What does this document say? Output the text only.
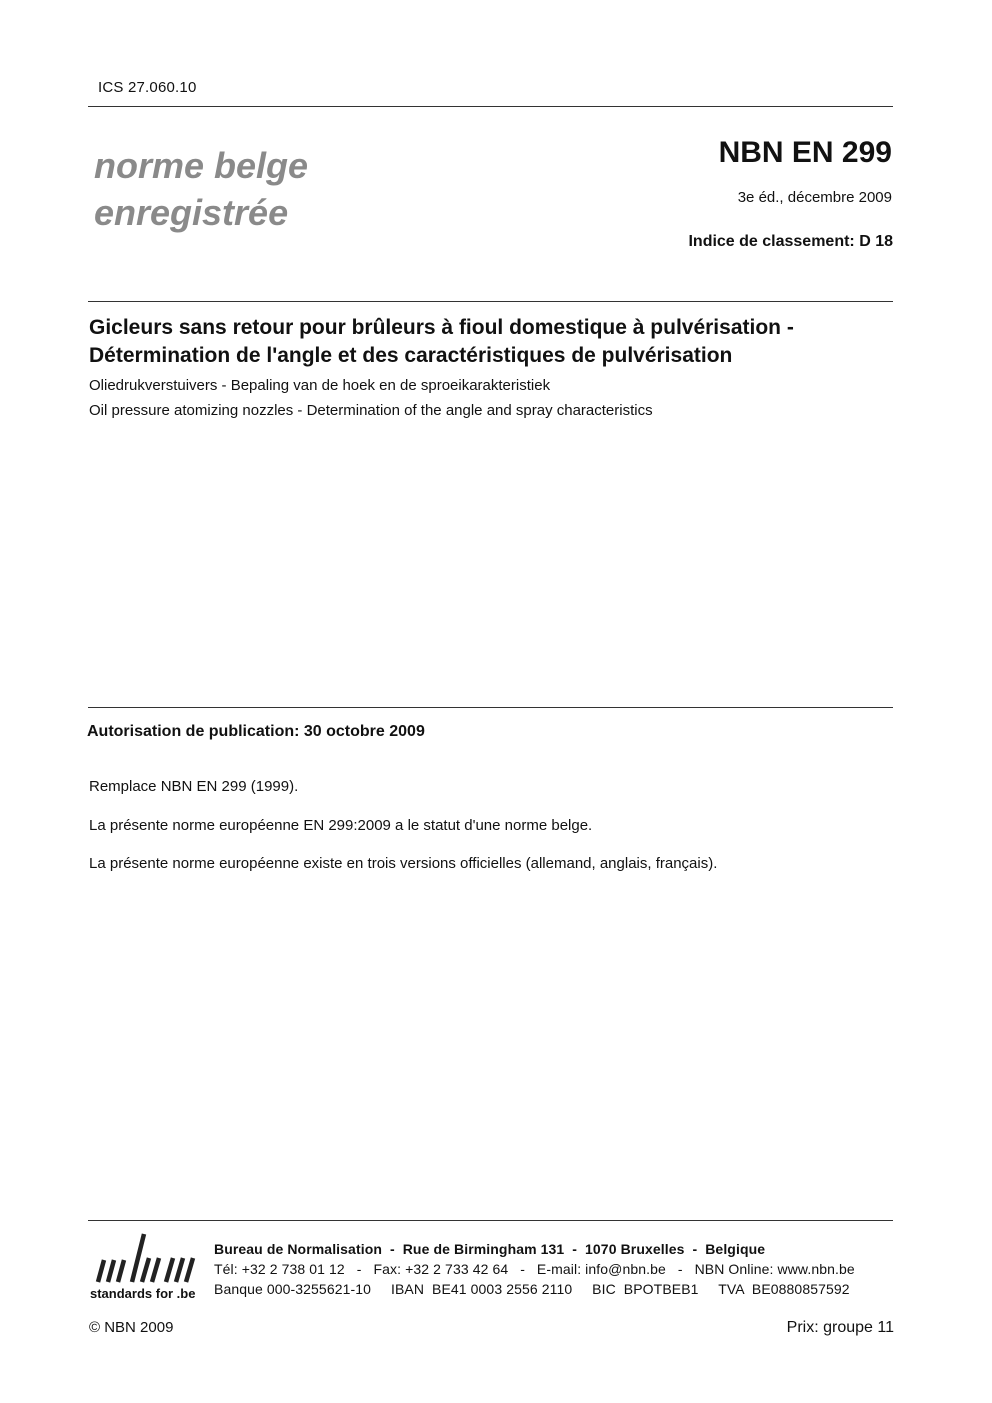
ICS 27.060.10
norme belge
enregistrée
NBN EN 299
3e éd., décembre 2009
Indice de classement: D 18
Gicleurs sans retour pour brûleurs à fioul domestique à pulvérisation -
Détermination de l'angle et des caractéristiques de pulvérisation
Oliedrukverstuivers - Bepaling van de hoek en de sproeikarakteristiek
Oil pressure atomizing nozzles - Determination of the angle and spray characteristics
Autorisation de publication: 30 octobre 2009
Remplace NBN EN 299 (1999).
La présente norme européenne EN 299:2009 a le statut d'une norme belge.
La présente norme européenne existe en trois versions officielles (allemand, anglais, français).
standards for .be
Bureau de Normalisation  -  Rue de Birmingham 131  -  1070 Bruxelles  -  Belgique
Tél: +32 2 738 01 12   -   Fax: +32 2 733 42 64   -   E-mail: info@nbn.be   -   NBN Online: www.nbn.be
Banque 000-3255621-10     IBAN  BE41 0003 2556 2110     BIC  BPOTBEB1     TVA  BE0880857592
© NBN 2009	Prix: groupe 11
